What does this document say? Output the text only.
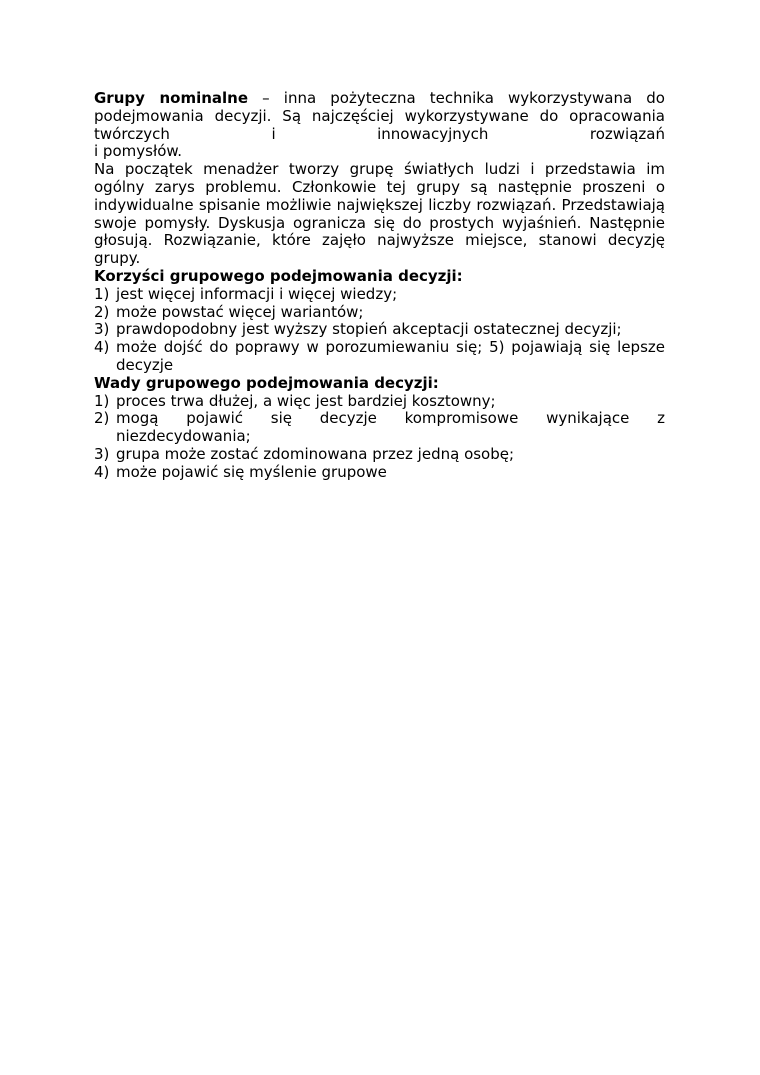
Grupy nominalne – inna pożyteczna technika wykorzystywana do podejmowania decyzji. Są najczęściej wykorzystywane do opracowania twórczych i innowacyjnych rozwiązań

i pomysłów.

Na początek menadżer tworzy grupę światłych ludzi i przedstawia im ogólny zarys problemu. Członkowie tej grupy są następnie proszeni o indywidualne spisanie możliwie największej liczby rozwiązań. Przedstawiają swoje pomysły. Dyskusja ogranicza się do prostych wyjaśnień. Następnie głosują. Rozwiązanie, które zajęło najwyższe miejsce, stanowi decyzję grupy.

Korzyści grupowego podejmowania decyzji:
1) jest więcej informacji i więcej wiedzy;
2) może powstać więcej wariantów;
3) prawdopodobny jest wyższy stopień akceptacji ostatecznej decyzji;
4) może dojść do poprawy w porozumiewaniu się; 5) pojawiają się lepsze decyzje
Wady grupowego podejmowania decyzji:
1) proces trwa dłużej, a więc jest bardziej kosztowny;
2) mogą pojawić się decyzje kompromisowe wynikające z niezdecydowania;
3) grupa może zostać zdominowana przez jedną osobę;
4) może pojawić się myślenie grupowe
